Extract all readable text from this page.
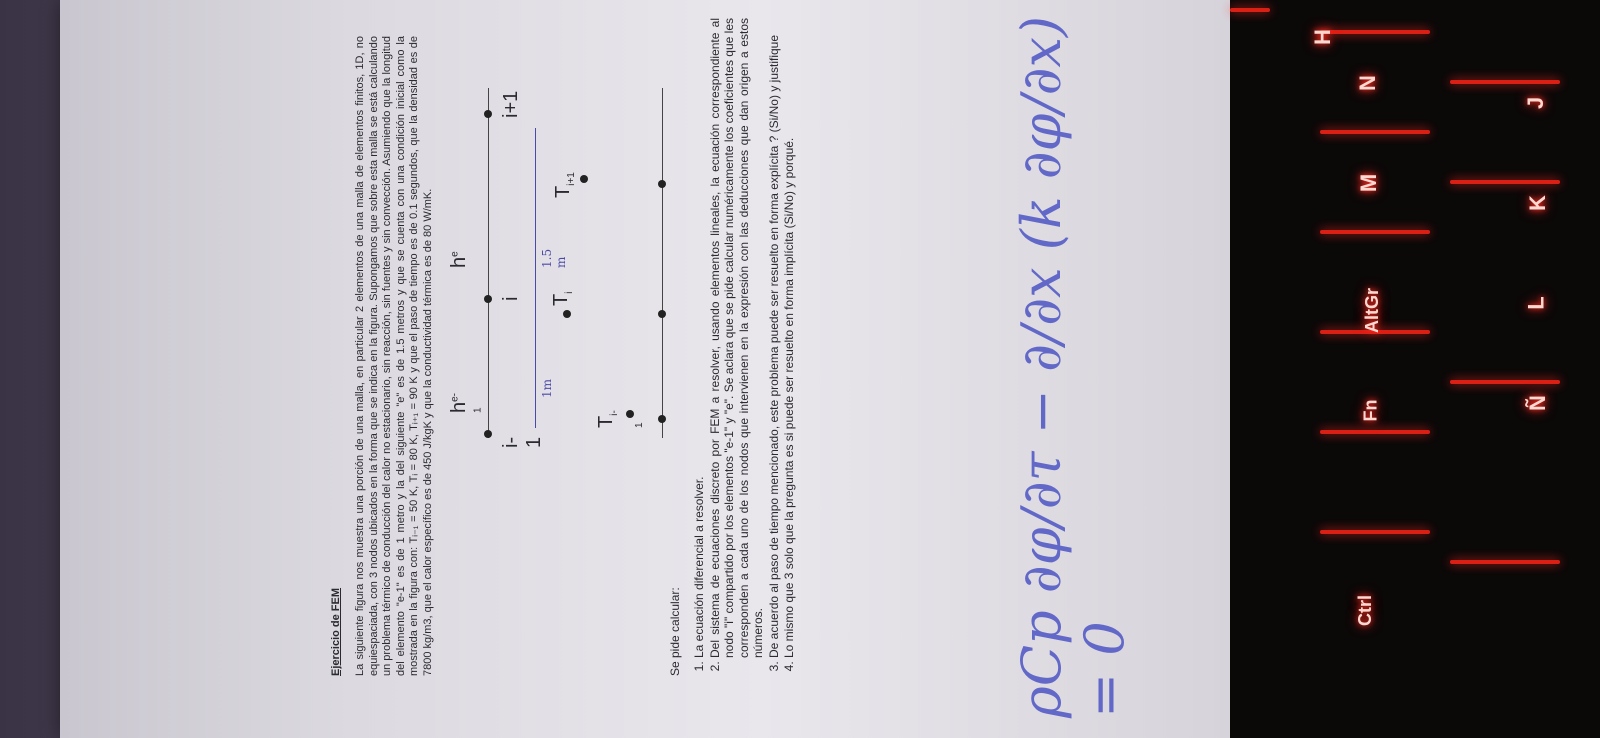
Ejercicio de FEM La siguiente figura nos muestra una porción de una malla, en particular 2 elementos de una malla de elementos finitos, 1D, no equiespaciada, con 3 nodos ubicados en la forma que se indica en la figura. Supongamos que sobre esta malla se está calculando un problema térmico de conducción del calor no estacionario, sin reacción, sin fuentes y sin convección. Asumiendo que la longitud del elemento "e-1" es de 1 metro y la del siguiente "e" es de 1.5 metros y que se cuenta con una condición inicial como la mostrada en la figura con: Tᵢ₋₁ = 50 K, Tᵢ = 80 K, Tᵢ₊₁ = 90 K y que el paso de tiempo es de 0.1 segundos, que la densidad es de 7800 kg/m3, que el calor específico es de 450 J/kgK y que la conductividad térmica es de 80 W/mK. $h^{e-1}$
$h^e$
i-1
i
i+1
1m
1.5 m
$T_{i-1}$
$T_i$
$T_{i+1}$
Se pide calcular: 1. La ecuación diferencial a resolver. 2. Del sistema de ecuaciones discreto por FEM a resolver, usando elementos lineales, la ecuación correspondiente al nodo "i" compartido por los elementos "e-1" y "e". Se aclara que se pide calcular numéricamente los coeficientes que les corresponden a cada uno de los nodos que intervienen en la expresión con las deducciones que dan origen a estos números. 3. De acuerdo al paso de tiempo mencionado, este problema puede ser resuelto en forma explícita ? (Si/No) y justifique 4. Lo mismo que 3 solo que la pregunta es si puede ser resuelto en forma implícita (Si/No) y porqué.	ρCp ∂φ/∂τ − ∂/∂x (k ∂φ/∂x) = 0
H
J
K
L
Ñ
N
M
AltGr
Fn
Ctrl
